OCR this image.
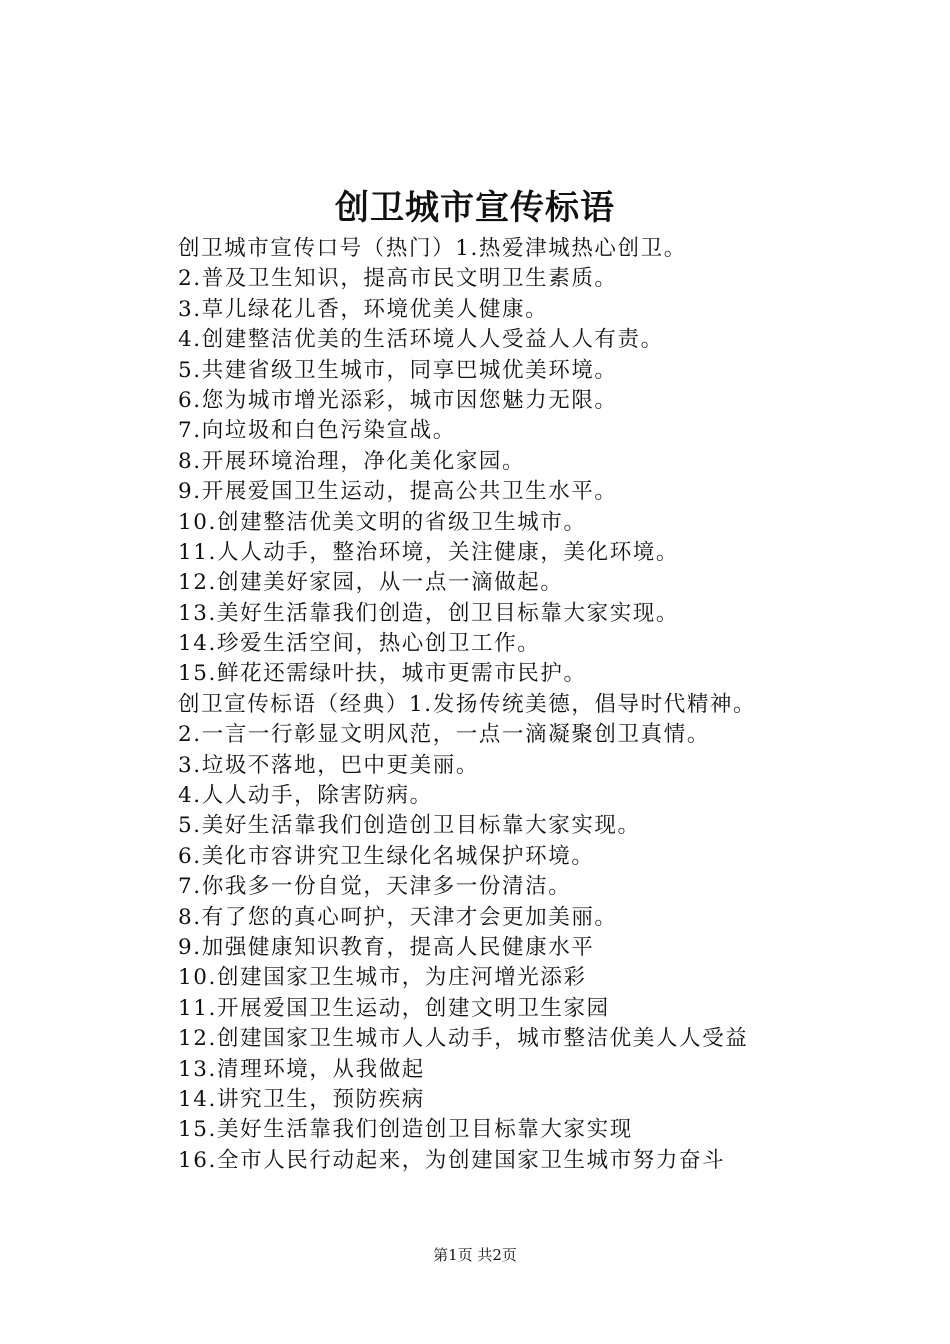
创卫城市宣传标语
创卫城市宣传口号（热门）1.热爱津城热心创卫。
2.普及卫生知识，提高市民文明卫生素质。
3.草儿绿花儿香，环境优美人健康。
4.创建整洁优美的生活环境人人受益人人有责。
5.共建省级卫生城市，同享巴城优美环境。
6.您为城市增光添彩，城市因您魅力无限。
7.向垃圾和白色污染宣战。
8.开展环境治理，净化美化家园。
9.开展爱国卫生运动，提高公共卫生水平。
10.创建整洁优美文明的省级卫生城市。
11.人人动手，整治环境，关注健康，美化环境。
12.创建美好家园，从一点一滴做起。
13.美好生活靠我们创造，创卫目标靠大家实现。
14.珍爱生活空间，热心创卫工作。
15.鲜花还需绿叶扶，城市更需市民护。
创卫宣传标语（经典）1.发扬传统美德，倡导时代精神。
2.一言一行彰显文明风范，一点一滴凝聚创卫真情。
3.垃圾不落地，巴中更美丽。
4.人人动手，除害防病。
5.美好生活靠我们创造创卫目标靠大家实现。
6.美化市容讲究卫生绿化名城保护环境。
7.你我多一份自觉，天津多一份清洁。
8.有了您的真心呵护，天津才会更加美丽。
9.加强健康知识教育，提高人民健康水平
10.创建国家卫生城市，为庄河增光添彩
11.开展爱国卫生运动，创建文明卫生家园
12.创建国家卫生城市人人动手，城市整洁优美人人受益
13.清理环境，从我做起
14.讲究卫生，预防疾病
15.美好生活靠我们创造创卫目标靠大家实现
16.全市人民行动起来，为创建国家卫生城市努力奋斗
第1页 共2页
